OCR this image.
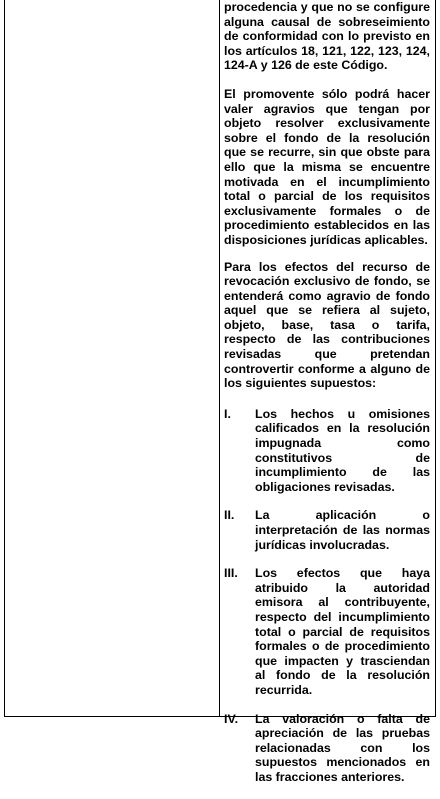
procedencia y que no se configure alguna causal de sobreseimiento de conformidad con lo previsto en los artículos 18, 121, 122, 123, 124, 124-A y 126 de este Código.

El promovente sólo podrá hacer valer agravios que tengan por objeto resolver exclusivamente sobre el fondo de la resolución que se recurre, sin que obste para ello que la misma se encuentre motivada en el incumplimiento total o parcial de los requisitos exclusivamente formales o de procedimiento establecidos en las disposiciones jurídicas aplicables.

Para los efectos del recurso de revocación exclusivo de fondo, se entenderá como agravio de fondo aquel que se refiera al sujeto, objeto, base, tasa o tarifa, respecto de las contribuciones revisadas que pretendan controvertir conforme a alguno de los siguientes supuestos:

I. Los hechos u omisiones calificados en la resolución impugnada como constitutivos de incumplimiento de las obligaciones revisadas.
II. La aplicación o interpretación de las normas jurídicas involucradas.
III. Los efectos que haya atribuido la autoridad emisora al contribuyente, respecto del incumplimiento total o parcial de requisitos formales o de procedimiento que impacten y trasciendan al fondo de la resolución recurrida.
IV. La valoración o falta de apreciación de las pruebas relacionadas con los supuestos mencionados en las fracciones anteriores.
